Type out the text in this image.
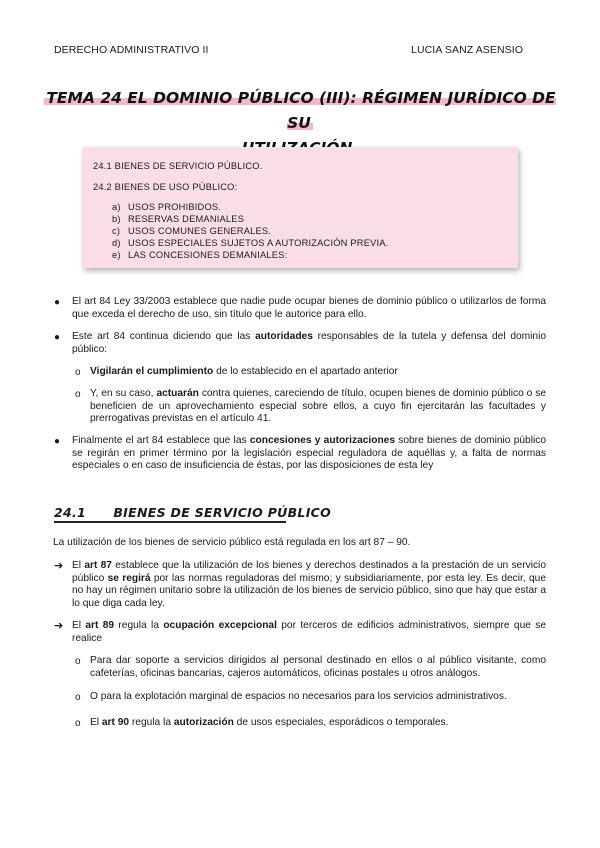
DERECHO ADMINISTRATIVO II	LUCIA SANZ ASENSIO
TEMA 24 EL DOMINIO PÚBLICO (III): RÉGIMEN JURÍDICO DE SU

24.1 BIENES DE SERVICIO PÚBLICO.
24.2 BIENES DE USO PÚBLICO:
a) USOS PROHIBIDOS.
b) RESERVAS DEMANIALES
c) USOS COMUNES GENERALES.
d) USOS ESPECIALES SUJETOS A AUTORIZACIÓN PREVIA.
e) LAS CONCESIONES DEMANIALES:
● El art 84 Ley 33/2003 establece que nadie pude ocupar bienes de dominio público o utilizarlos de forma que exceda el derecho de uso, sin título que le autorice para ello.
● Este art 84 continua diciendo que las autoridades responsables de la tutela y defensa del dominio público:
o Vigilarán el cumplimiento de lo establecido en el apartado anterior
o Y, en su caso, actuarán contra quienes, careciendo de título, ocupen bienes de dominio público o se beneficien de un aprovechamiento especial sobre ellos, a cuyo fin ejercitarán las facultades y prerrogativas previstas en el artículo 41.
● Finalmente el art 84 establece que las concesiones y autorizaciones sobre bienes de dominio público se regirán en primer término por la legislación especial reguladora de aquéllas y, a falta de normas especiales o en caso de insuficiencia de éstas, por las disposiciones de esta ley
La utilización de los bienes de servicio público está regulada en los art 87 – 90.
➔ El art 87 establece que la utilización de los bienes y derechos destinados a la prestación de un servicio público se regirá por las normas reguladoras del mismo; y subsidiariamente, por esta ley. Es decir, que no hay un régimen unitario sobre la utilización de los bienes de servicio público, sino que hay que estar a lo que diga cada ley.
➔ El art 89 regula la ocupación excepcional por terceros de edificios administrativos, siempre que se realice
o Para dar soporte a servicios dirigidos al personal destinado en ellos o al público visitante, como cafeterías, oficinas bancarias, cajeros automáticos, oficinas postales u otros análogos.
o O para la explotación marginal de espacios no necesarios para los servicios administrativos.
o El art 90 regula la autorización de usos especiales, esporádicos o temporales.
24.1 BIENES DE SERVICIO PÚBLICO
